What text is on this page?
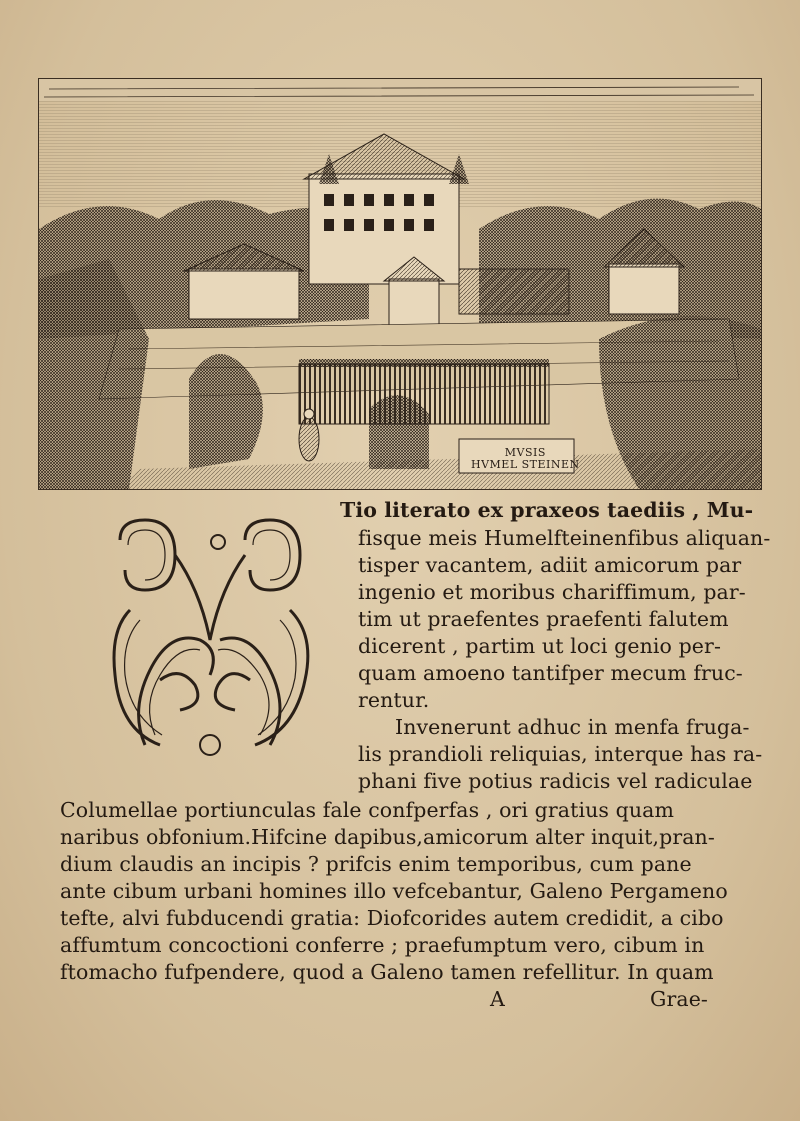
MVSIS
HVMEL STEINEN
Tio literato ex praxeos taediis , Mu-
fisque meis Humelfteinenfibus aliquan-
tisper vacantem, adiit amicorum par
ingenio et moribus chariffimum, par-
tim ut praefentes praefenti falutem
dicerent , partim ut loci genio per-
quam amoeno tantifper mecum fruc-
rentur.
Invenerunt adhuc in menfa fruga-
lis prandioli reliquias, interque has ra-
phani five potius radicis vel radiculae
Columellae portiunculas fale confperfas , ori gratius quam
naribus obfonium.Hifcine dapibus,amicorum alter inquit,pran-
dium claudis an incipis ? prifcis enim temporibus, cum pane
ante cibum urbani homines illo vefcebantur, Galeno Pergameno
tefte, alvi fubducendi gratia: Diofcorides autem credidit, a cibo
affumtum concoctioni conferre ; praefumptum vero, cibum in
ftomacho fufpendere, quod a Galeno tamen refellitur. In quam
A	Grae-
